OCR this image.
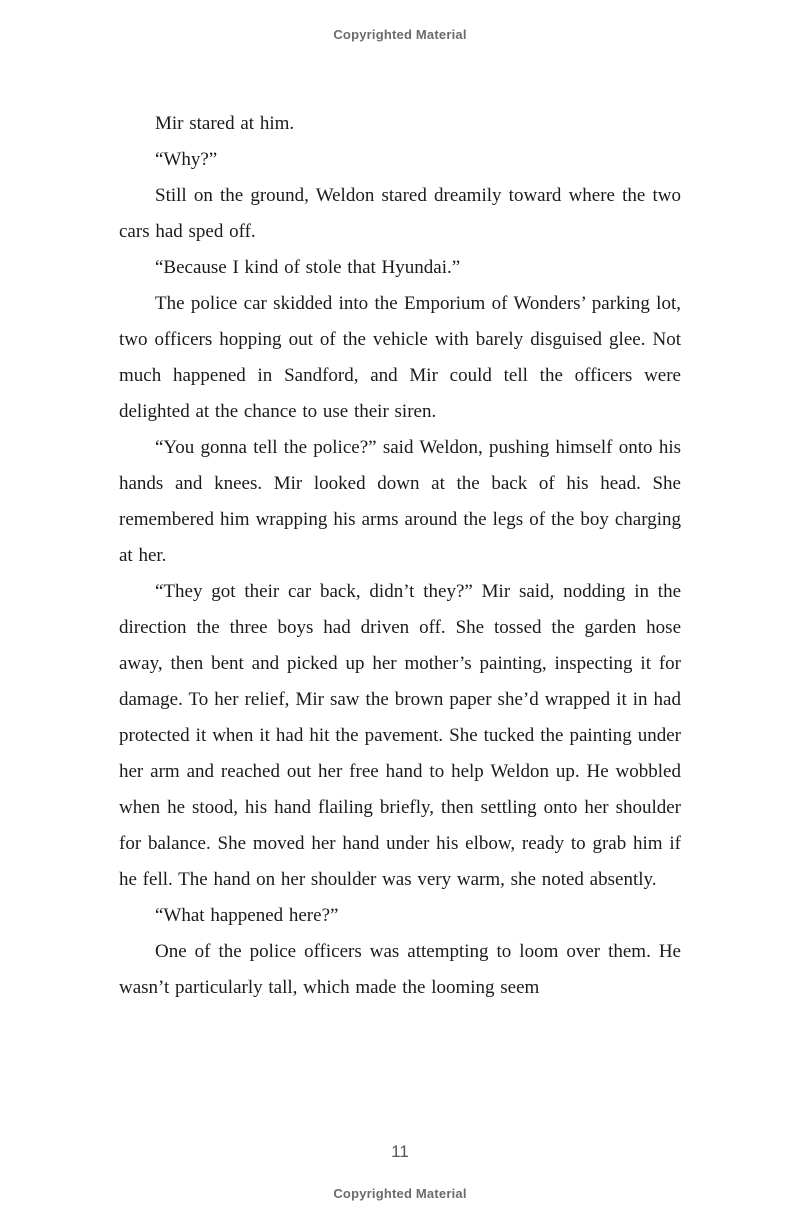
Copyrighted Material

Mir stared at him.

“Why?”

Still on the ground, Weldon stared dreamily toward where the two cars had sped off.

“Because I kind of stole that Hyundai.”

The police car skidded into the Emporium of Wonders’ parking lot, two officers hopping out of the vehicle with barely disguised glee. Not much happened in Sandford, and Mir could tell the officers were delighted at the chance to use their siren.

“You gonna tell the police?” said Weldon, pushing himself onto his hands and knees. Mir looked down at the back of his head. She remembered him wrapping his arms around the legs of the boy charging at her.

“They got their car back, didn’t they?” Mir said, nodding in the direction the three boys had driven off. She tossed the garden hose away, then bent and picked up her mother’s painting, inspecting it for damage. To her relief, Mir saw the brown paper she’d wrapped it in had protected it when it had hit the pavement. She tucked the painting under her arm and reached out her free hand to help Weldon up. He wobbled when he stood, his hand flailing briefly, then settling onto her shoulder for balance. She moved her hand under his elbow, ready to grab him if he fell. The hand on her shoulder was very warm, she noted absently.

“What happened here?”

One of the police officers was attempting to loom over them. He wasn’t particularly tall, which made the looming seem

11
Copyrighted Material
